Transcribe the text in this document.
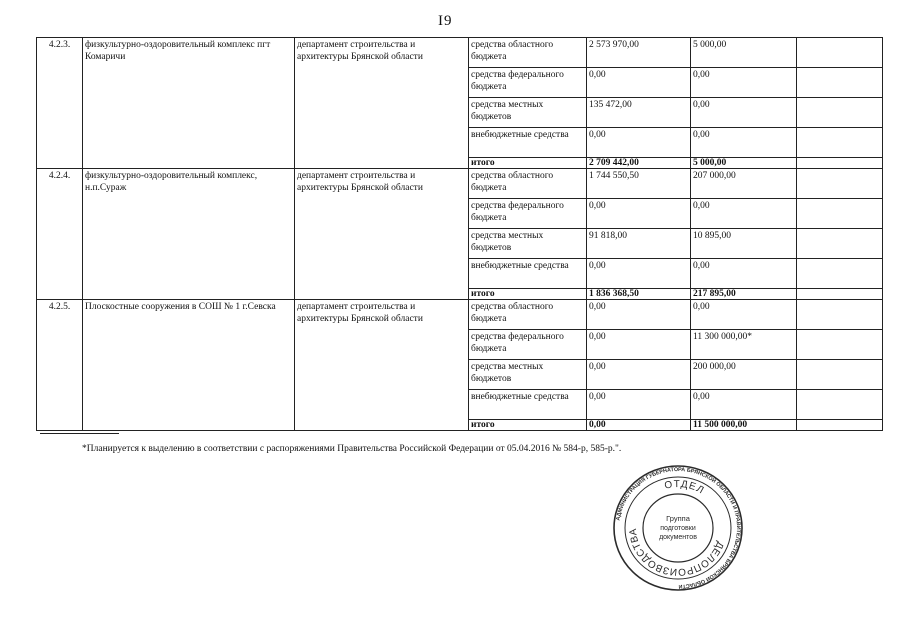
I9
4.2.3.	физкультурно-оздоровительный комплекс пгт Комаричи	департамент строительства и архитектуры Брянской области	средства областного бюджета	2 573 970,00	5 000,00	
			средства федерального бюджета	0,00	0,00	
			средства местных бюджетов	135 472,00	0,00	
			внебюджетные средства	0,00	0,00	
			итого	2 709 442,00	5 000,00	
4.2.4.	физкультурно-оздоровительный комплекс, н.п.Сураж	департамент строительства и архитектуры Брянской области	средства областного бюджета	1 744 550,50	207 000,00	
			средства федерального бюджета	0,00	0,00	
			средства местных бюджетов	91 818,00	10 895,00	
			внебюджетные средства	0,00	0,00	
			итого	1 836 368,50	217 895,00	
4.2.5.	Плоскостные сооружения в СОШ № 1 г.Севска	департамент строительства и архитектуры Брянской области	средства областного бюджета	0,00	0,00	
			средства федерального бюджета	0,00	11 300 000,00*	
			средства местных бюджетов	0,00	200 000,00	
			внебюджетные средства	0,00	0,00	
			итого	0,00	11 500 000,00	
*Планируется к выделению в соответствии с распоряжениями Правительства Российской Федерации от 05.04.2016 № 584-р, 585-р.".
АДМИНИСТРАЦИЯ ГУБЕРНАТОРА БРЯНСКОЙ ОБЛАСТИ И ПРАВИТЕЛЬСТВА БРЯНСКОЙ ОБЛАСТИ
ОТДЕЛ
ДЕЛОПРОИЗВОДСТВА
Группа
подготовки
документов
